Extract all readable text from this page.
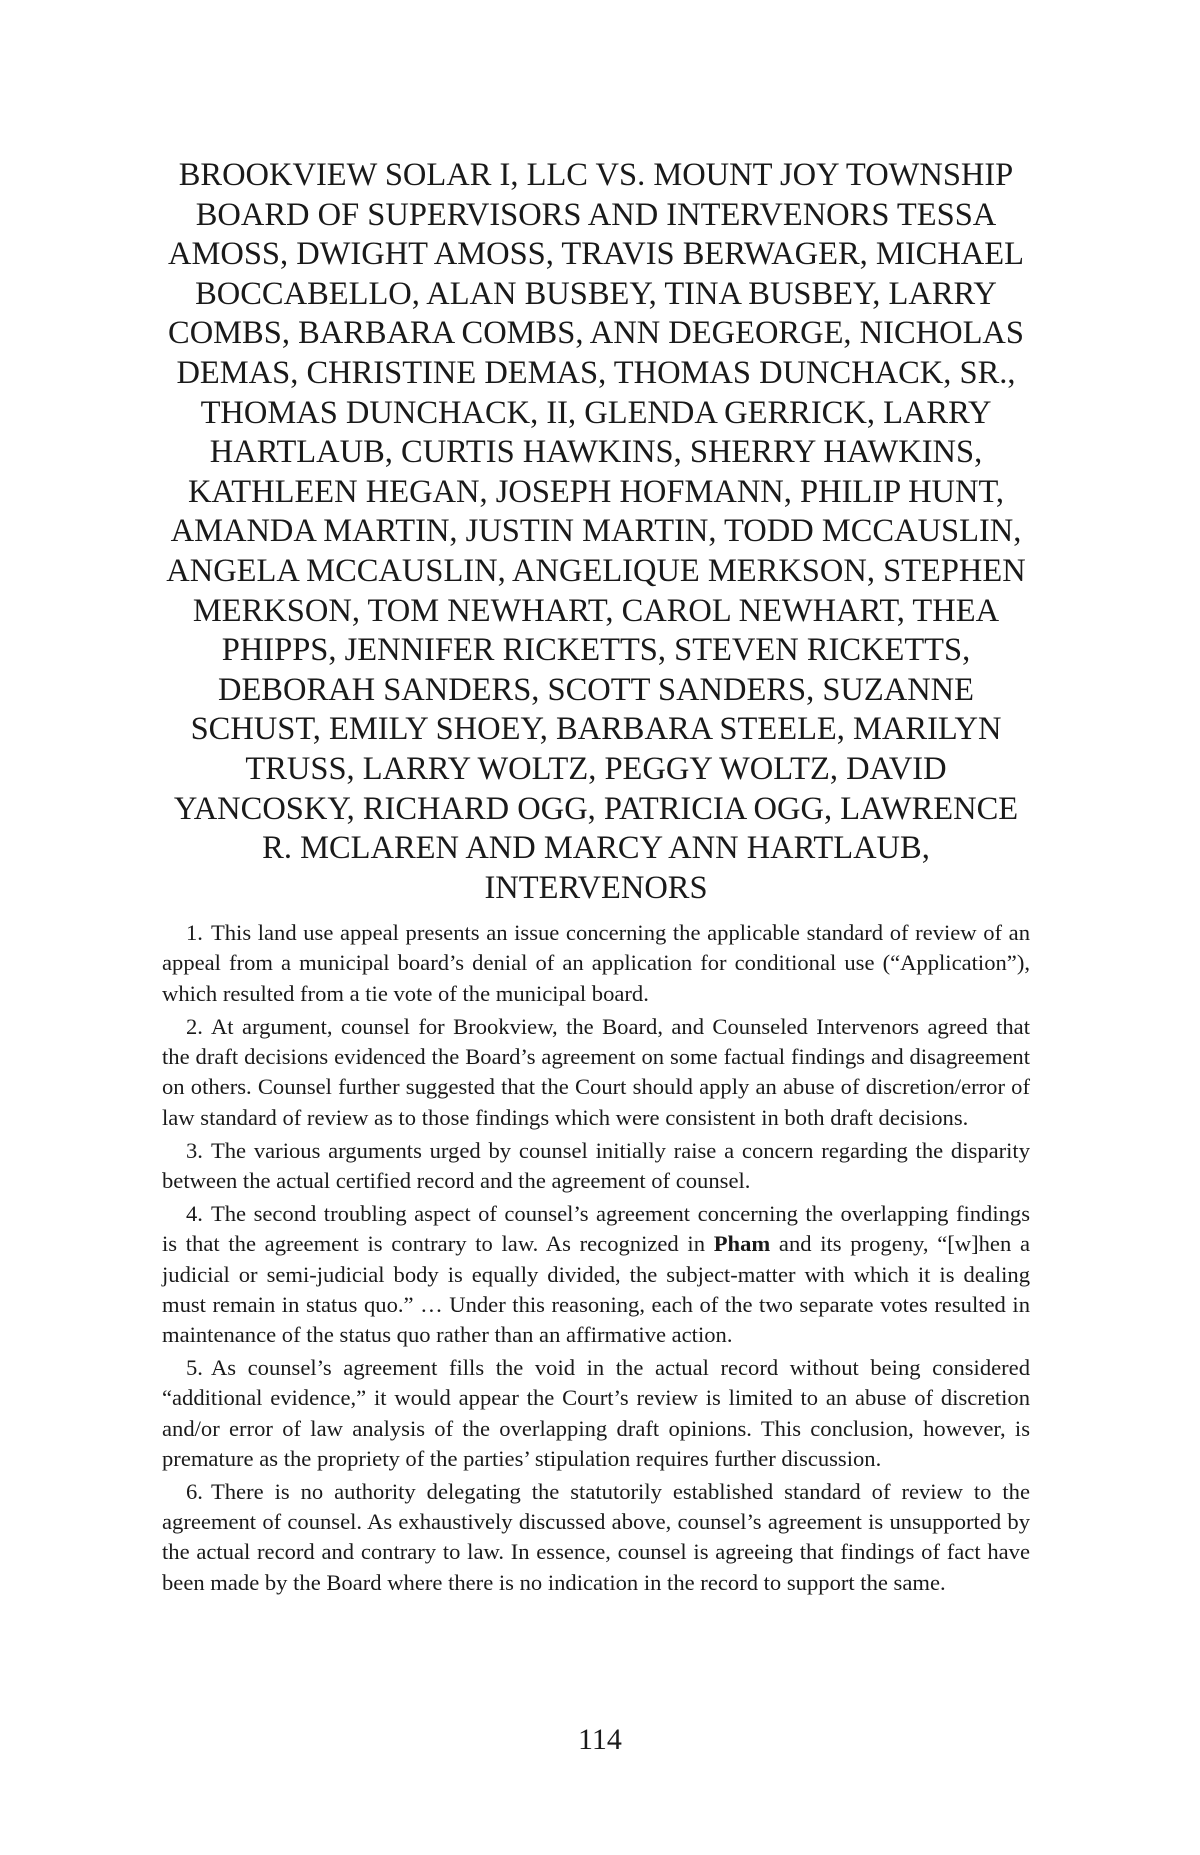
BROOKVIEW SOLAR I, LLC VS. MOUNT JOY TOWNSHIP BOARD OF SUPERVISORS AND INTERVENORS TESSA AMOSS, DWIGHT AMOSS, TRAVIS BERWAGER, MICHAEL BOCCABELLO, ALAN BUSBEY, TINA BUSBEY, LARRY COMBS, BARBARA COMBS, ANN DEGEORGE, NICHOLAS DEMAS, CHRISTINE DEMAS, THOMAS DUNCHACK, SR., THOMAS DUNCHACK, II, GLENDA GERRICK, LARRY HARTLAUB, CURTIS HAWKINS, SHERRY HAWKINS, KATHLEEN HEGAN, JOSEPH HOFMANN, PHILIP HUNT, AMANDA MARTIN, JUSTIN MARTIN, TODD MCCAUSLIN, ANGELA MCCAUSLIN, ANGELIQUE MERKSON, STEPHEN MERKSON, TOM NEWHART, CAROL NEWHART, THEA PHIPPS, JENNIFER RICKETTS, STEVEN RICKETTS, DEBORAH SANDERS, SCOTT SANDERS, SUZANNE SCHUST, EMILY SHOEY, BARBARA STEELE, MARILYN TRUSS, LARRY WOLTZ, PEGGY WOLTZ, DAVID YANCOSKY, RICHARD OGG, PATRICIA OGG, LAWRENCE R. MCLAREN AND MARCY ANN HARTLAUB, INTERVENORS

1. This land use appeal presents an issue concerning the applicable standard of review of an appeal from a municipal board’s denial of an application for conditional use (“Application”), which resulted from a tie vote of the municipal board.

2. At argument, counsel for Brookview, the Board, and Counseled Intervenors agreed that the draft decisions evidenced the Board’s agreement on some factual findings and disagreement on others. Counsel further suggested that the Court should apply an abuse of discretion/error of law standard of review as to those findings which were consistent in both draft decisions.

3. The various arguments urged by counsel initially raise a concern regarding the disparity between the actual certified record and the agreement of counsel.

4. The second troubling aspect of counsel’s agreement concerning the overlapping findings is that the agreement is contrary to law. As recognized in Pham and its progeny, “[w]hen a judicial or semi-judicial body is equally divided, the subject-matter with which it is dealing must remain in status quo.” … Under this reasoning, each of the two separate votes resulted in maintenance of the status quo rather than an affirmative action.

5. As counsel’s agreement fills the void in the actual record without being considered “additional evidence,” it would appear the Court’s review is limited to an abuse of discretion and/or error of law analysis of the overlapping draft opinions. This conclusion, however, is premature as the propriety of the parties’ stipulation requires further discussion.

6. There is no authority delegating the statutorily established standard of review to the agreement of counsel. As exhaustively discussed above, counsel’s agreement is unsupported by the actual record and contrary to law. In essence, counsel is agreeing that findings of fact have been made by the Board where there is no indication in the record to support the same.

114
